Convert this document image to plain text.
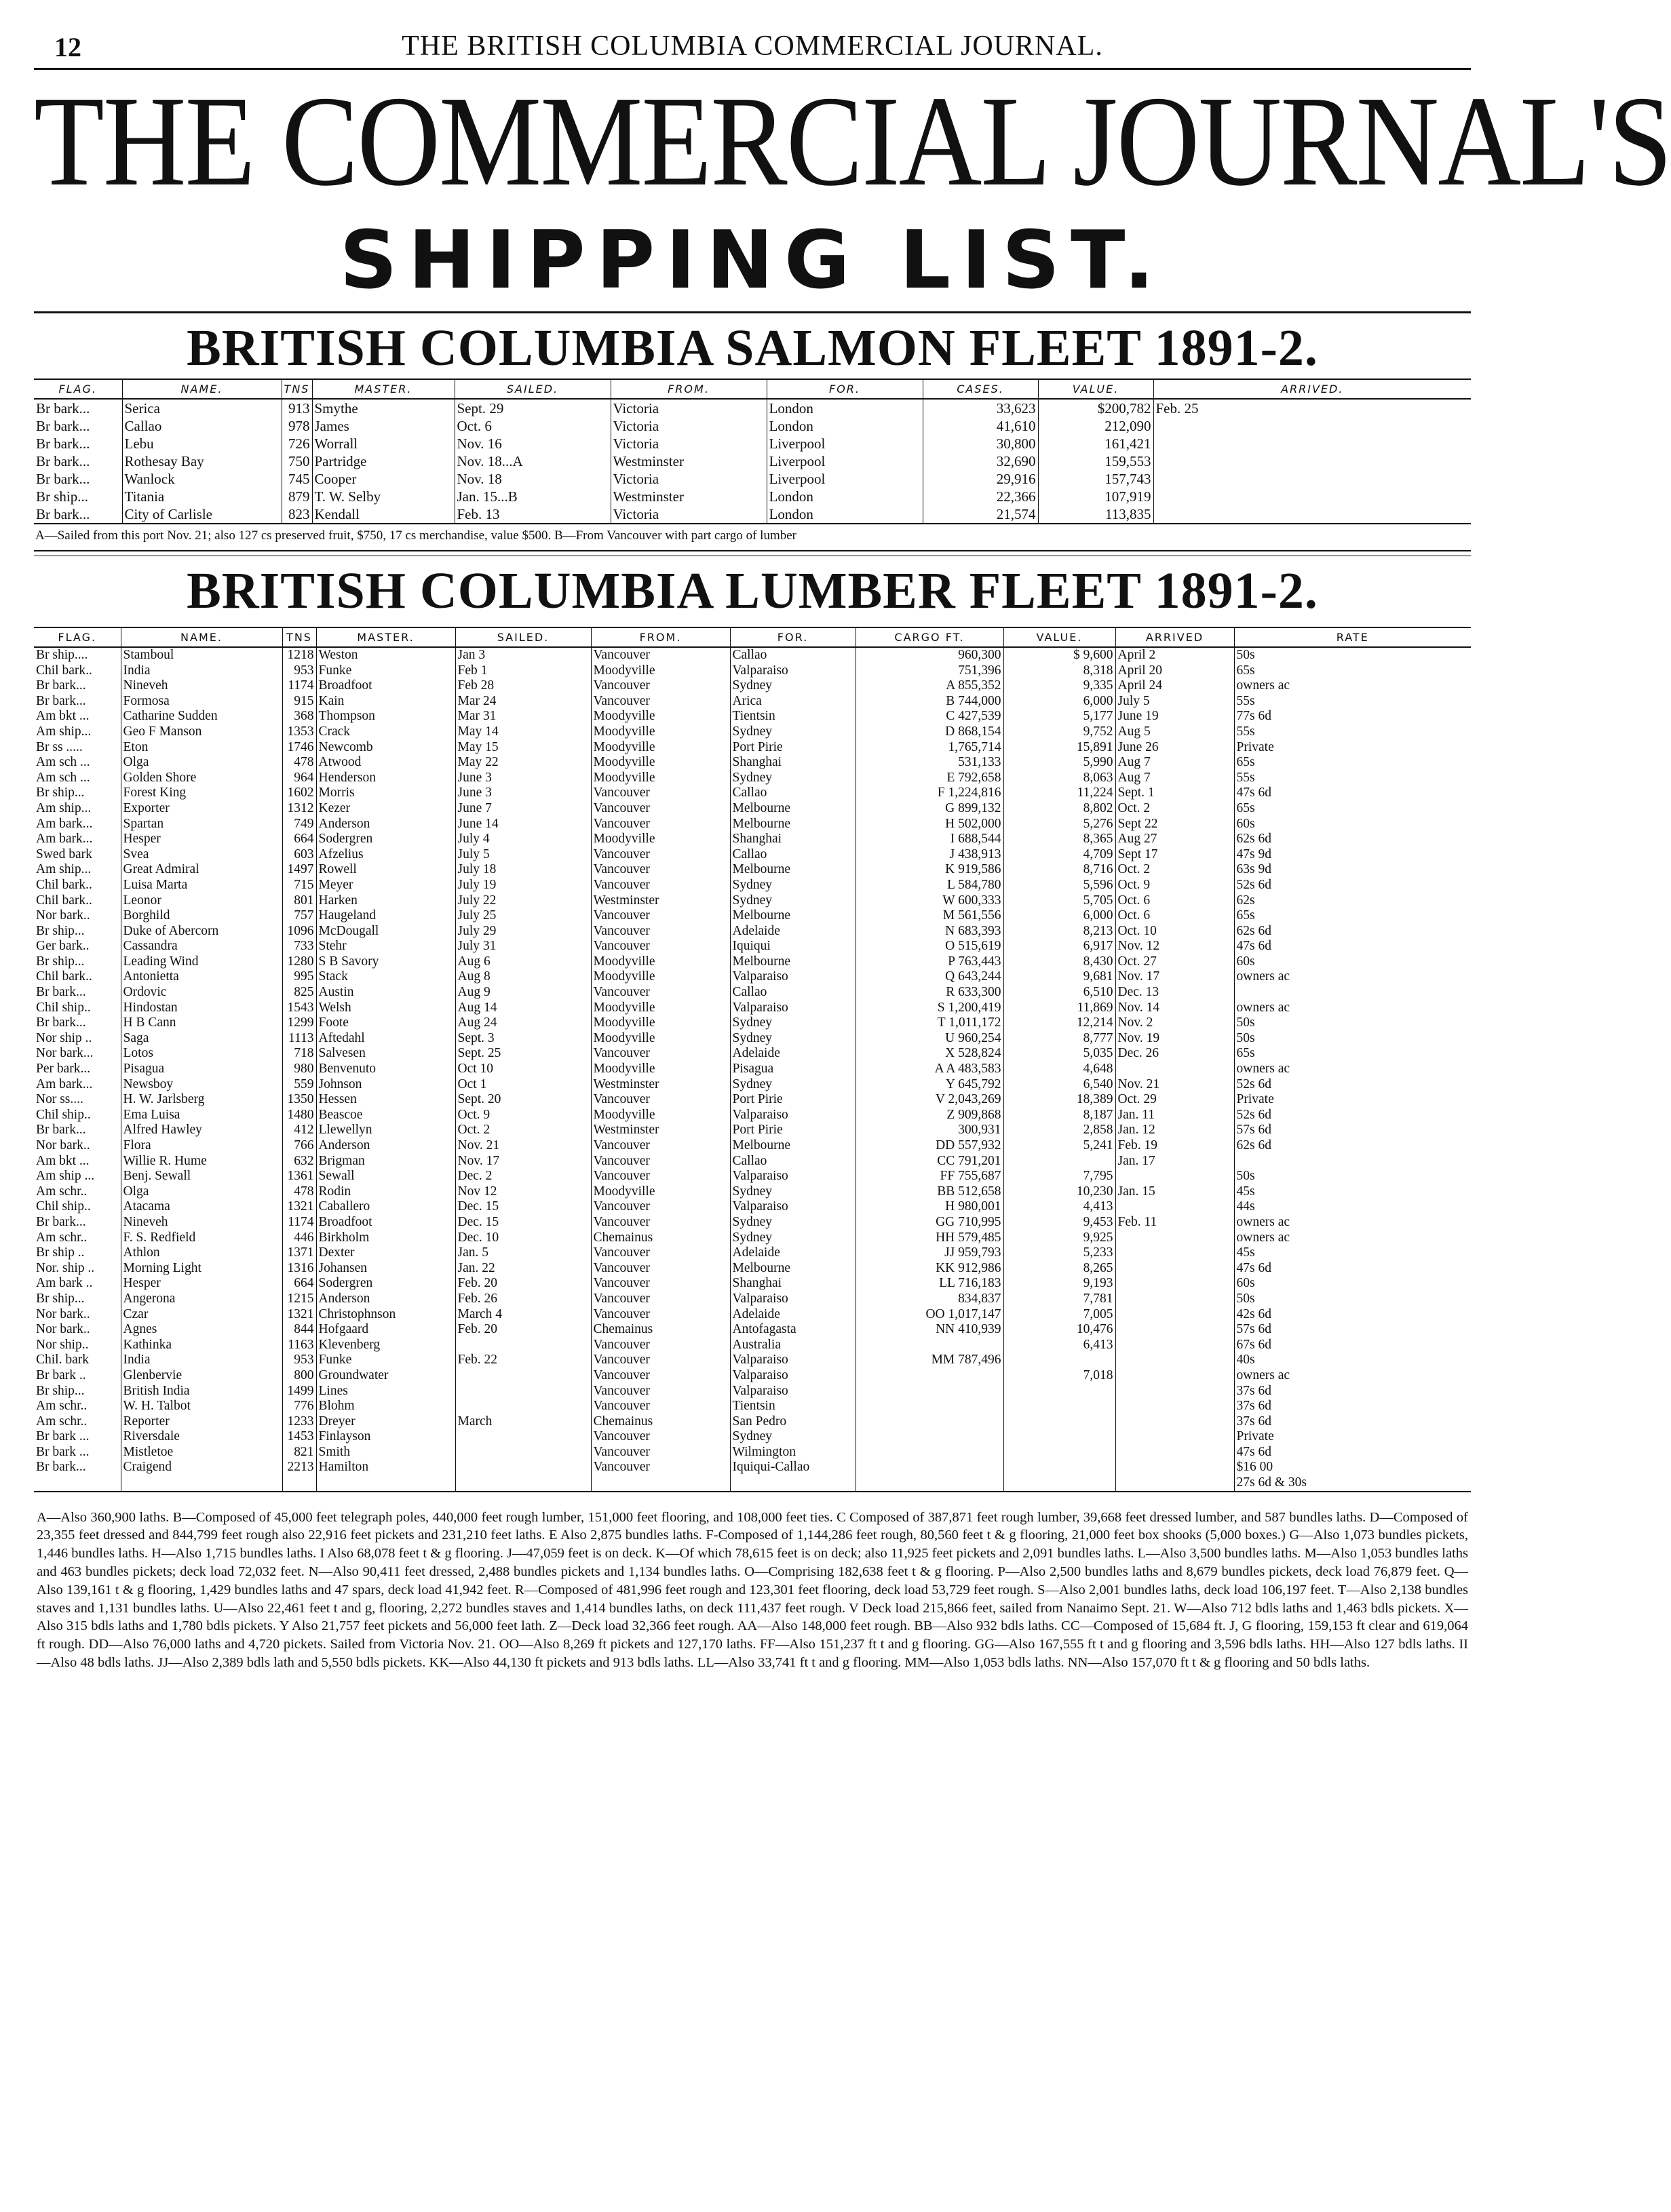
12	THE BRITISH COLUMBIA COMMERCIAL JOURNAL.
THE COMMERCIAL JOURNAL'S
SHIPPING LIST.
BRITISH COLUMBIA SALMON FLEET 1891-2.
FLAG.	NAME.	TNS	MASTER.	SAILED.	FROM.	FOR.	CASES.	VALUE.	ARRIVED.
Br bark...	Serica	913	Smythe	Sept. 29	Victoria	London	33,623	$200,782	Feb. 25
Br bark...	Callao	978	James	Oct. 6	Victoria	London	41,610	212,090	
Br bark...	Lebu	726	Worrall	Nov. 16	Victoria	Liverpool	30,800	161,421	
Br bark...	Rothesay Bay	750	Partridge	Nov. 18...A	Westminster	Liverpool	32,690	159,553	
Br bark...	Wanlock	745	Cooper	Nov. 18	Victoria	Liverpool	29,916	157,743	
Br ship...	Titania	879	T. W. Selby	Jan. 15...B	Westminster	London	22,366	107,919	
Br bark...	City of Carlisle	823	Kendall	Feb. 13	Victoria	London	21,574	113,835	
A—Sailed from this port Nov. 21; also 127 cs preserved fruit, $750, 17 cs merchandise, value $500. B—From Vancouver with part cargo of lumber
BRITISH COLUMBIA LUMBER FLEET 1891-2.
FLAG.	NAME.	TNS	MASTER.	SAILED.	FROM.	FOR.	CARGO FT.	VALUE.	ARRIVED	RATE
Br ship....	Stamboul	1218	Weston	Jan 3	Vancouver	Callao	960,300	$ 9,600	April 2	50s
Chil bark..	India	953	Funke	Feb 1	Moodyville	Valparaiso	751,396	8,318	April 20	65s
Br bark...	Nineveh	1174	Broadfoot	Feb 28	Vancouver	Sydney	A 855,352	9,335	April 24	owners ac
Br bark...	Formosa	915	Kain	Mar 24	Vancouver	Arica	B 744,000	6,000	July 5	55s
Am bkt ...	Catharine Sudden	368	Thompson	Mar 31	Moodyville	Tientsin	C 427,539	5,177	June 19	77s 6d
Am ship...	Geo F Manson	1353	Crack	May 14	Moodyville	Sydney	D 868,154	9,752	Aug 5	55s
Br ss .....	Eton	1746	Newcomb	May 15	Moodyville	Port Pirie	1,765,714	15,891	June 26	Private
Am sch ...	Olga	478	Atwood	May 22	Moodyville	Shanghai	531,133	5,990	Aug 7	65s
Am sch ...	Golden Shore	964	Henderson	June 3	Moodyville	Sydney	E 792,658	8,063	Aug 7	55s
Br ship...	Forest King	1602	Morris	June 3	Vancouver	Callao	F 1,224,816	11,224	Sept. 1	47s 6d
Am ship...	Exporter	1312	Kezer	June 7	Vancouver	Melbourne	G 899,132	8,802	Oct. 2	65s
Am bark...	Spartan	749	Anderson	June 14	Vancouver	Melbourne	H 502,000	5,276	Sept 22	60s
Am bark...	Hesper	664	Sodergren	July 4	Moodyville	Shanghai	I 688,544	8,365	Aug 27	62s 6d
Swed bark	Svea	603	Afzelius	July 5	Vancouver	Callao	J 438,913	4,709	Sept 17	47s 9d
Am ship...	Great Admiral	1497	Rowell	July 18	Vancouver	Melbourne	K 919,586	8,716	Oct. 2	63s 9d
Chil bark..	Luisa Marta	715	Meyer	July 19	Vancouver	Sydney	L 584,780	5,596	Oct. 9	52s 6d
Chil bark..	Leonor	801	Harken	July 22	Westminster	Sydney	W 600,333	5,705	Oct. 6	62s
Nor bark..	Borghild	757	Haugeland	July 25	Vancouver	Melbourne	M 561,556	6,000	Oct. 6	65s
Br ship...	Duke of Abercorn	1096	McDougall	July 29	Vancouver	Adelaide	N 683,393	8,213	Oct. 10	62s 6d
Ger bark..	Cassandra	733	Stehr	July 31	Vancouver	Iquiqui	O 515,619	6,917	Nov. 12	47s 6d
Br ship...	Leading Wind	1280	S B Savory	Aug 6	Moodyville	Melbourne	P 763,443	8,430	Oct. 27	60s
Chil bark..	Antonietta	995	Stack	Aug 8	Moodyville	Valparaiso	Q 643,244	9,681	Nov. 17	owners ac
Br bark...	Ordovic	825	Austin	Aug 9	Vancouver	Callao	R 633,300	6,510	Dec. 13	
Chil ship..	Hindostan	1543	Welsh	Aug 14	Moodyville	Valparaiso	S 1,200,419	11,869	Nov. 14	owners ac
Br bark...	H B Cann	1299	Foote	Aug 24	Moodyville	Sydney	T 1,011,172	12,214	Nov. 2	50s
Nor ship ..	Saga	1113	Aftedahl	Sept. 3	Moodyville	Sydney	U 960,254	8,777	Nov. 19	50s
Nor bark...	Lotos	718	Salvesen	Sept. 25	Vancouver	Adelaide	X 528,824	5,035	Dec. 26	65s
Per bark...	Pisagua	980	Benvenuto	Oct 10	Moodyville	Pisagua	A A 483,583	4,648		owners ac
Am bark...	Newsboy	559	Johnson	Oct 1	Westminster	Sydney	Y 645,792	6,540	Nov. 21	52s 6d
Nor ss....	H. W. Jarlsberg	1350	Hessen	Sept. 20	Vancouver	Port Pirie	V 2,043,269	18,389	Oct. 29	Private
Chil ship..	Ema Luisa	1480	Beascoe	Oct. 9	Moodyville	Valparaiso	Z 909,868	8,187	Jan. 11	52s 6d
Br bark...	Alfred Hawley	412	Llewellyn	Oct. 2	Westminster	Port Pirie	300,931	2,858	Jan. 12	57s 6d
Nor bark..	Flora	766	Anderson	Nov. 21	Vancouver	Melbourne	DD 557,932	5,241	Feb. 19	62s 6d
Am bkt ...	Willie R. Hume	632	Brigman	Nov. 17	Vancouver	Callao	CC 791,201		Jan. 17	
Am ship ...	Benj. Sewall	1361	Sewall	Dec. 2	Vancouver	Valparaiso	FF 755,687	7,795		50s
Am schr..	Olga	478	Rodin	Nov 12	Moodyville	Sydney	BB 512,658	10,230	Jan. 15	45s
Chil ship..	Atacama	1321	Caballero	Dec. 15	Vancouver	Valparaiso	H 980,001	4,413		44s
Br bark...	Nineveh	1174	Broadfoot	Dec. 15	Vancouver	Sydney	GG 710,995	9,453	Feb. 11	owners ac
Am schr..	F. S. Redfield	446	Birkholm	Dec. 10	Chemainus	Sydney	HH 579,485	9,925		owners ac
Br ship ..	Athlon	1371	Dexter	Jan. 5	Vancouver	Adelaide	JJ 959,793	5,233		45s
Nor. ship ..	Morning Light	1316	Johansen	Jan. 22	Vancouver	Melbourne	KK 912,986	8,265		47s 6d
Am bark ..	Hesper	664	Sodergren	Feb. 20	Vancouver	Shanghai	LL 716,183	9,193		60s
Br ship...	Angerona	1215	Anderson	Feb. 26	Vancouver	Valparaiso	834,837	7,781		50s
Nor bark..	Czar	1321	Christophnson	March 4	Vancouver	Adelaide	OO 1,017,147	7,005		42s 6d
Nor bark..	Agnes	844	Hofgaard	Feb. 20	Chemainus	Antofagasta	NN 410,939	10,476		57s 6d
Nor ship..	Kathinka	1163	Klevenberg		Vancouver	Australia		6,413		67s 6d
Chil. bark	India	953	Funke	Feb. 22	Vancouver	Valparaiso	MM 787,496			40s
Br bark ..	Glenbervie	800	Groundwater		Vancouver	Valparaiso		7,018		owners ac
Br ship...	British India	1499	Lines		Vancouver	Valparaiso				37s 6d
Am schr..	W. H. Talbot	776	Blohm		Vancouver	Tientsin				37s 6d
Am schr..	Reporter	1233	Dreyer	March	Chemainus	San Pedro				37s 6d
Br bark ...	Riversdale	1453	Finlayson		Vancouver	Sydney				Private
Br bark ...	Mistletoe	821	Smith		Vancouver	Wilmington				47s 6d
Br bark...	Craigend	2213	Hamilton		Vancouver	Iquiqui-Callao				$16 00
										27s 6d & 30s
A—Also 360,900 laths. B—Composed of 45,000 feet telegraph poles, 440,000 feet rough lumber, 151,000 feet flooring, and 108,000 feet ties. C Composed of 387,871 feet rough lumber, 39,668 feet dressed lumber, and 587 bundles laths. D—Composed of 23,355 feet dressed and 844,799 feet rough also 22,916 feet pickets and 231,210 feet laths. E Also 2,875 bundles laths. F-Composed of 1,144,286 feet rough, 80,560 feet t & g flooring, 21,000 feet box shooks (5,000 boxes.) G—Also 1,073 bundles pickets, 1,446 bundles laths. H—Also 1,715 bundles laths. I Also 68,078 feet t & g flooring. J—47,059 feet is on deck. K—Of which 78,615 feet is on deck; also 11,925 feet pickets and 2,091 bundles laths. L—Also 3,500 bundles laths. M—Also 1,053 bundles laths and 463 bundles pickets; deck load 72,032 feet. N—Also 90,411 feet dressed, 2,488 bundles pickets and 1,134 bundles laths. O—Comprising 182,638 feet t & g flooring. P—Also 2,500 bundles laths and 8,679 bundles pickets, deck load 76,879 feet. Q—Also 139,161 t & g flooring, 1,429 bundles laths and 47 spars, deck load 41,942 feet. R—Composed of 481,996 feet rough and 123,301 feet flooring, deck load 53,729 feet rough. S—Also 2,001 bundles laths, deck load 106,197 feet. T—Also 2,138 bundles staves and 1,131 bundles laths. U—Also 22,461 feet t and g, flooring, 2,272 bundles staves and 1,414 bundles laths, on deck 111,437 feet rough. V Deck load 215,866 feet, sailed from Nanaimo Sept. 21. W—Also 712 bdls laths and 1,463 bdls pickets. X—Also 315 bdls laths and 1,780 bdls pickets. Y Also 21,757 feet pickets and 56,000 feet lath. Z—Deck load 32,366 feet rough. AA—Also 148,000 feet rough. BB—Also 932 bdls laths. CC—Composed of 15,684 ft. J, G flooring, 159,153 ft clear and 619,064 ft rough. DD—Also 76,000 laths and 4,720 pickets. Sailed from Victoria Nov. 21. OO—Also 8,269 ft pickets and 127,170 laths. FF—Also 151,237 ft t and g flooring. GG—Also 167,555 ft t and g flooring and 3,596 bdls laths. HH—Also 127 bdls laths. II—Also 48 bdls laths. JJ—Also 2,389 bdls lath and 5,550 bdls pickets. KK—Also 44,130 ft pickets and 913 bdls laths. LL—Also 33,741 ft t and g flooring. MM—Also 1,053 bdls laths. NN—Also 157,070 ft t & g flooring and 50 bdls laths.
